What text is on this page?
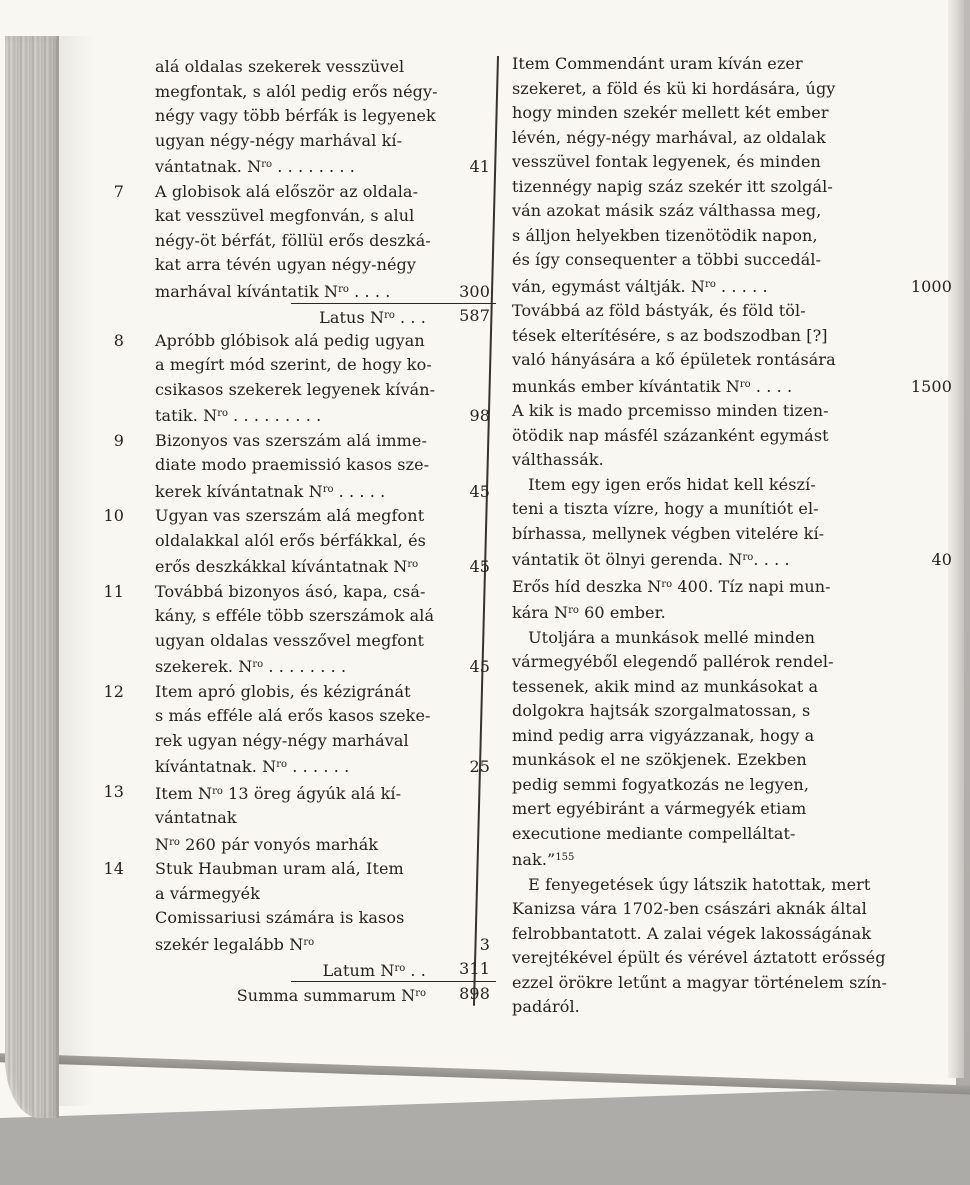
alá oldalas szekerek vesszüvel
megfontak, s alól pedig erős négy-
négy vagy több bérfák is legyenek
ugyan négy-négy marhával kí-
vántatnak. $N^{ro}$ . . . . . . . .	41
7 A globisok alá először az oldala-
kat vesszüvel megfonván, s alul
négy-öt bérfát, föllül erős deszká-
kat arra tévén ugyan négy-négy
marhával kívántatik $N^{ro}$ . . . .	300
Latus $N^{ro}$ . . . 587
8 Apróbb glóbisok alá pedig ugyan
a megírt mód szerint, de hogy ko-
csikasos szekerek legyenek kíván-
tatik. $N^{ro}$ . . . . . . . . .	98
9 Bizonyos vas szerszám alá imme-
diate modo praemissió kasos sze-
kerek kívántatnak $N^{ro}$ . . . . .	45
10 Ugyan vas szerszám alá megfont
oldalakkal alól erős bérfákkal, és
erős deszkákkal kívántatnak $N^{ro}$	45
11 Továbbá bizonyos ásó, kapa, csá-
kány, s efféle több szerszámok alá
ugyan oldalas vesszővel megfont
szekerek. $N^{ro}$ . . . . . . . .	45
12 Item apró globis, és kézigránát
s más efféle alá erős kasos szeke-
rek ugyan négy-négy marhával
kívántatnak. $N^{ro}$ . . . . . .	25
13 Item $N^{ro}$ 13 öreg ágyúk alá kí-
vántatnak
$N^{ro}$ 260 pár vonyós marhák
14 Stuk Haubman uram alá, Item
a vármegyék
Comissariusi számára is kasos
szekér legalább $N^{ro}$	3
Latum $N^{ro}$ . . 311
Summa summarum $N^{ro}$ 898
Item Commendánt uram kíván ezer
szekeret, a föld és kü ki hordására, úgy
hogy minden szekér mellett két ember
lévén, négy-négy marhával, az oldalak
vesszüvel fontak legyenek, és minden
tizennégy napig száz szekér itt szolgál-
ván azokat másik száz válthassa meg,
s álljon helyekben tizenötödik napon,
és így consequenter a többi succedál-
ván, egymást váltják. $N^{ro}$ . . . . .	1000
Továbbá az föld bástyák, és föld töl-
tések elterítésére, s az bodszodban [?]
való hányására a kő épületek rontására
munkás ember kívántatik $N^{ro}$ . . . .	1500
A kik is mado prcemisso minden tizen-
ötödik nap másfél százanként egymást
válthassák.
 Item egy igen erős hidat kell készí-
teni a tiszta vízre, hogy a munítiót el-
bírhassa, mellynek végben vitelére kí-
vántatik öt ölnyi gerenda. $N^{ro}$. . . .	40
Erős híd deszka $N^{ro}$ 400. Tíz napi mun-
kára $N^{ro}$ 60 ember.
 Utoljára a munkások mellé minden
vármegyéből elegendő pallérok rendel-
tessenek, akik mind az munkásokat a
dolgokra hajtsák szorgalmatossan, s
mind pedig arra vigyázzanak, hogy a
munkások el ne szökjenek. Ezekben
pedig semmi fogyatkozás ne legyen,
mert egyébiránt a vármegyék etiam
executione mediante compelláltat-
nak.”$^{155}$
 E fenyegetések úgy látszik hatottak, mert
Kanizsa vára 1702-ben császári aknák által
felrobbantatott. A zalai végek lakosságának
verejtékével épült és vérével áztatott erősség
ezzel örökre letűnt a magyar történelem szín-
padáról.
